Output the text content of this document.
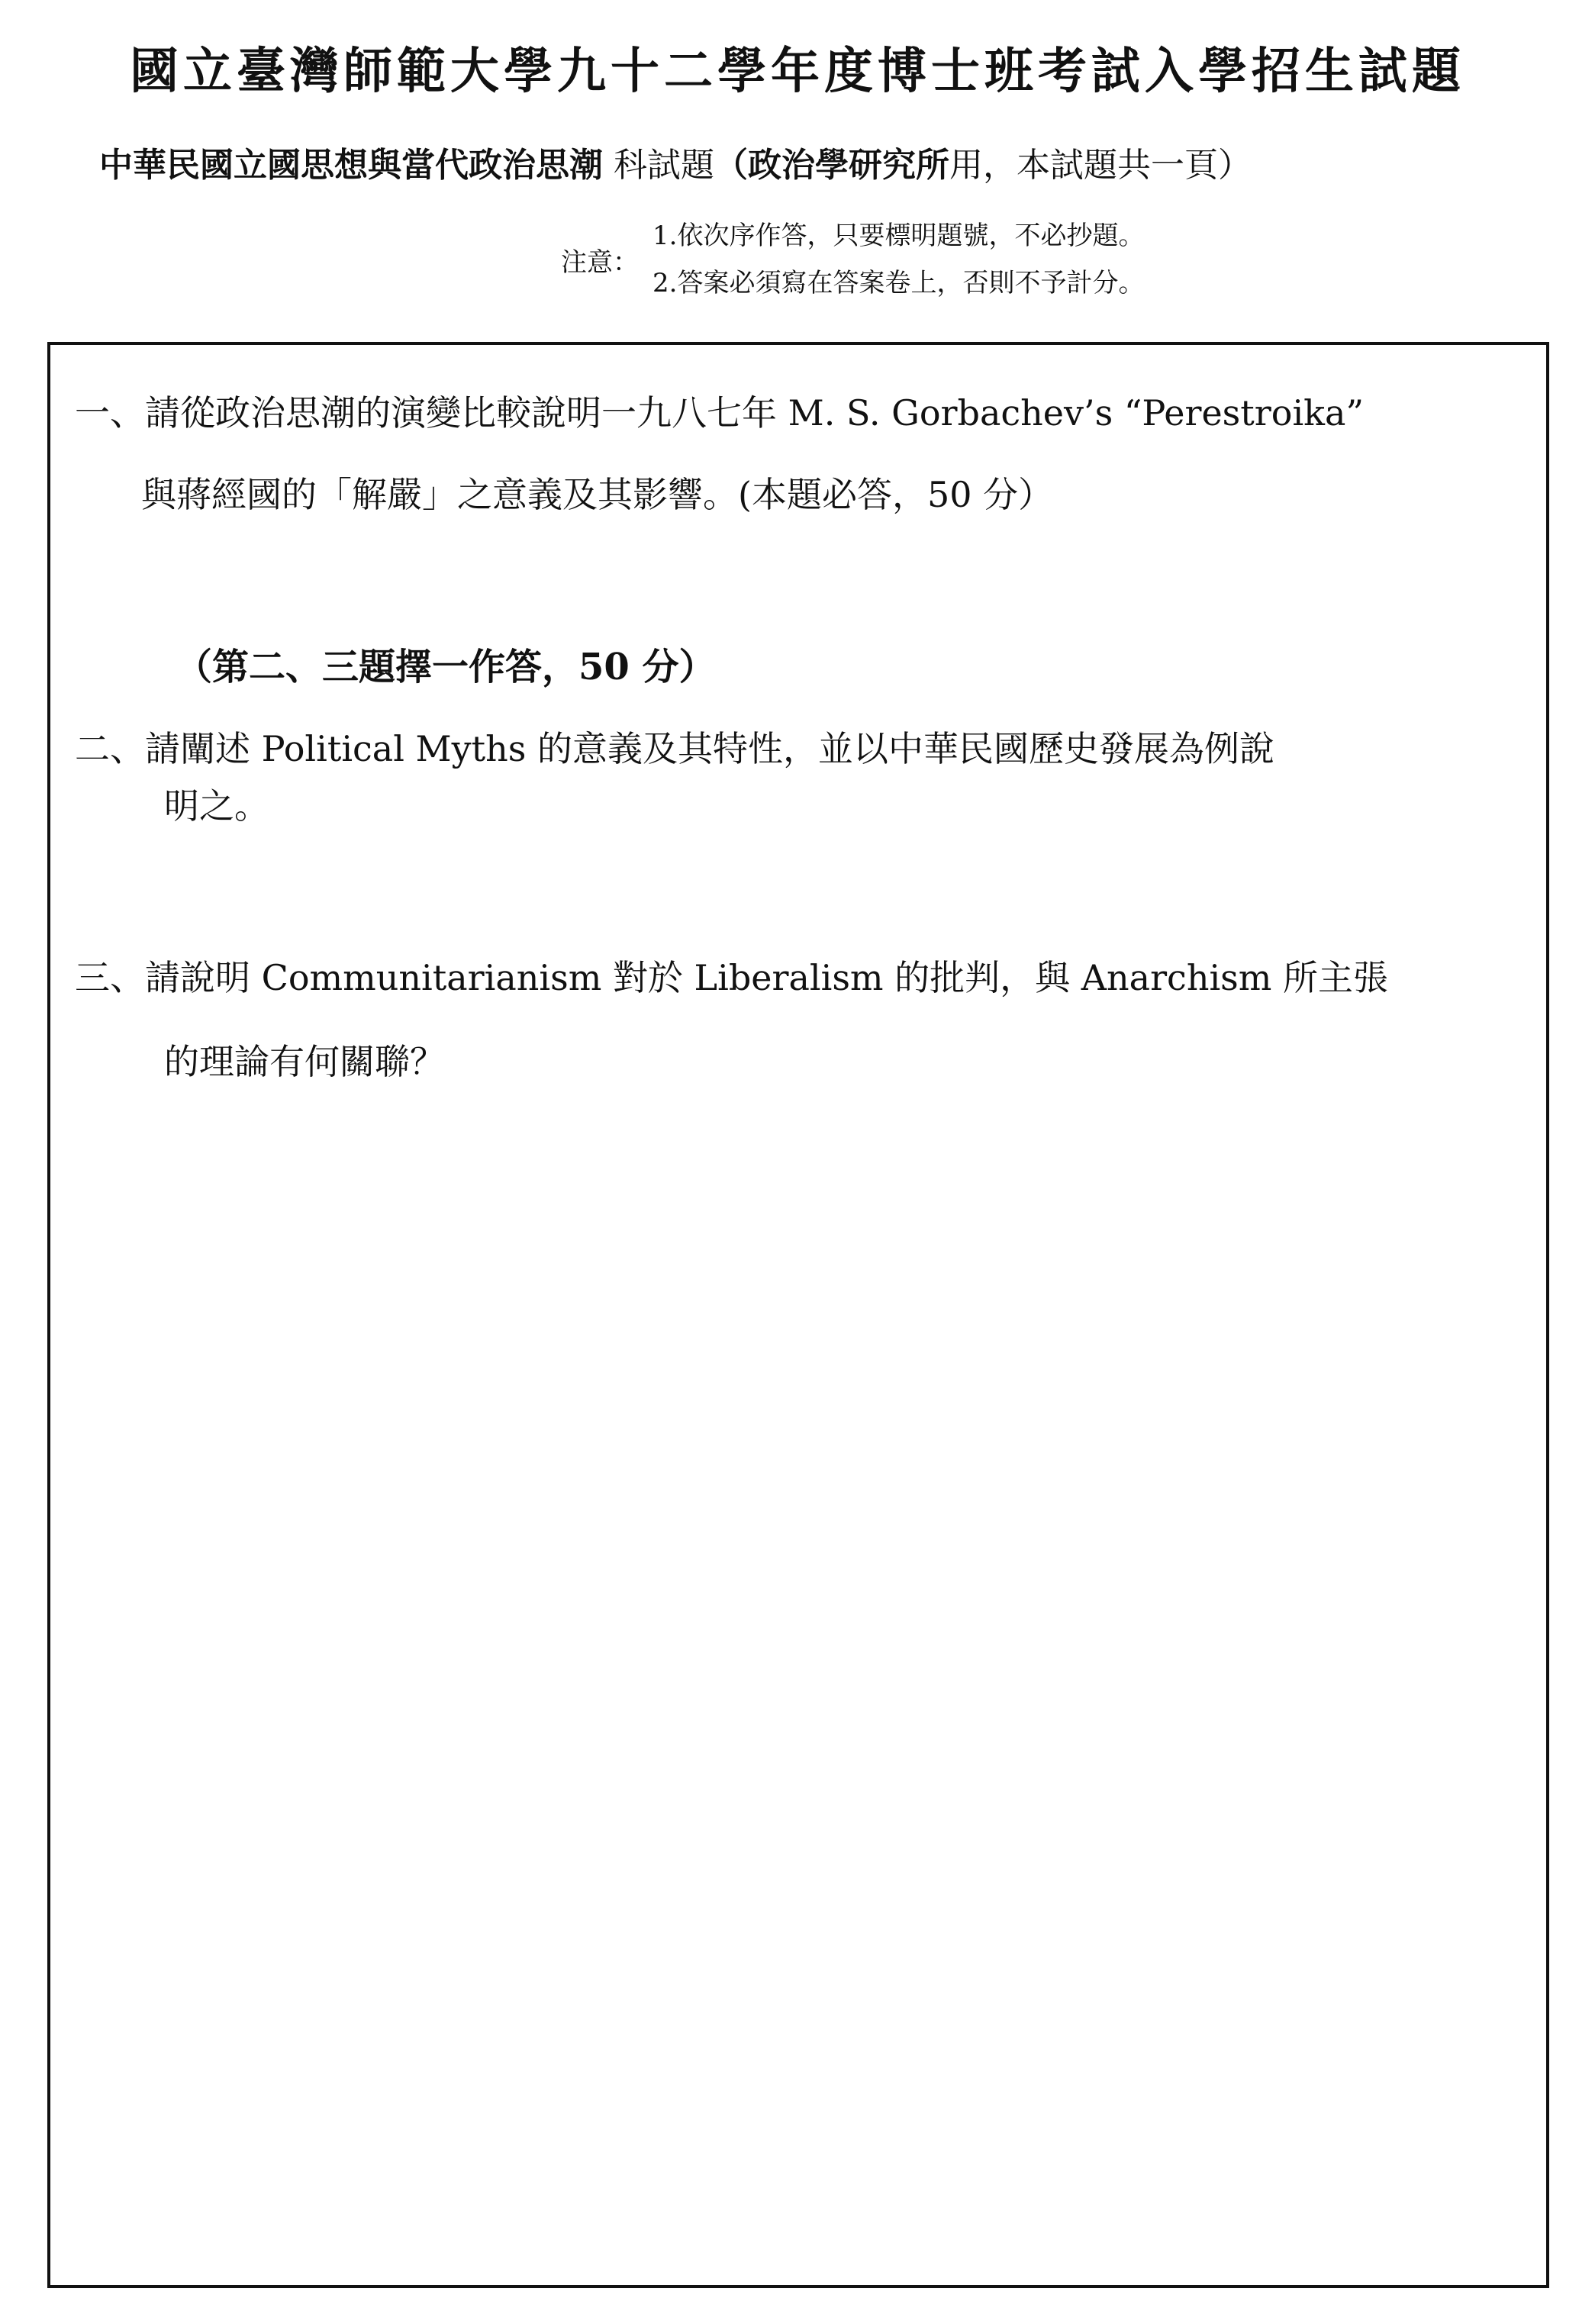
國立臺灣師範大學九十二學年度博士班考試入學招生試題
中華民國立國思想與當代政治思潮 科試題（政治學研究所用，本試題共一頁）
注意：
1.依次序作答，只要標明題號，不必抄題。
2.答案必須寫在答案卷上，否則不予計分。
一、請從政治思潮的演變比較說明一九八七年 M. S. Gorbachev’s “Perestroika”
與蔣經國的「解嚴」之意義及其影響。(本題必答，50 分）
（第二、三題擇一作答，50 分）
二、請闡述 Political Myths 的意義及其特性，並以中華民國歷史發展為例說
明之。
三、請說明 Communitarianism 對於 Liberalism 的批判，與 Anarchism 所主張
的理論有何關聯？
